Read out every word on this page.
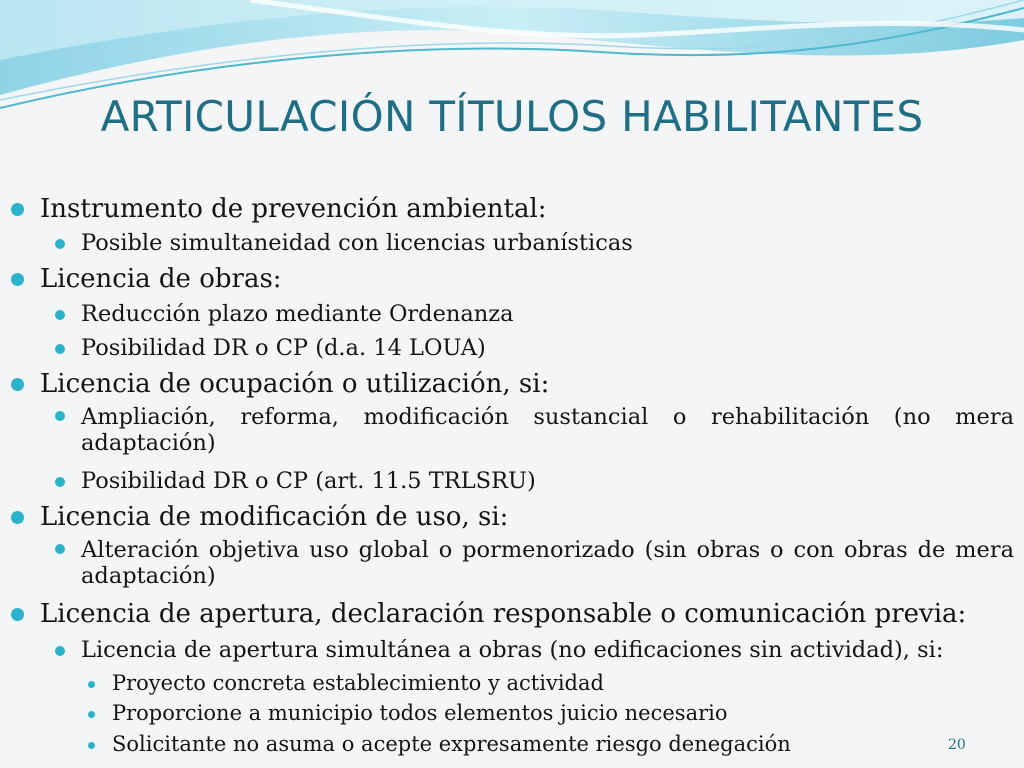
ARTICULACIÓN TÍTULOS HABILITANTES
Instrumento de prevención ambiental:
Posible simultaneidad con licencias urbanísticas
Licencia de obras:
Reducción plazo mediante Ordenanza
Posibilidad DR o CP (d.a. 14 LOUA)
Licencia de ocupación o utilización, si:
Ampliación, reforma, modificación sustancial o rehabilitación (no mera adaptación)
Posibilidad DR o CP (art. 11.5 TRLSRU)
Licencia de modificación de uso, si:
Alteración objetiva uso global o pormenorizado (sin obras o con obras de mera adaptación)
Licencia de apertura, declaración responsable o comunicación previa:
Licencia de apertura simultánea a obras (no edificaciones sin actividad), si:
Proyecto concreta establecimiento y actividad
Proporcione a municipio todos elementos juicio necesario
Solicitante no asuma o acepte expresamente riesgo denegación	20
